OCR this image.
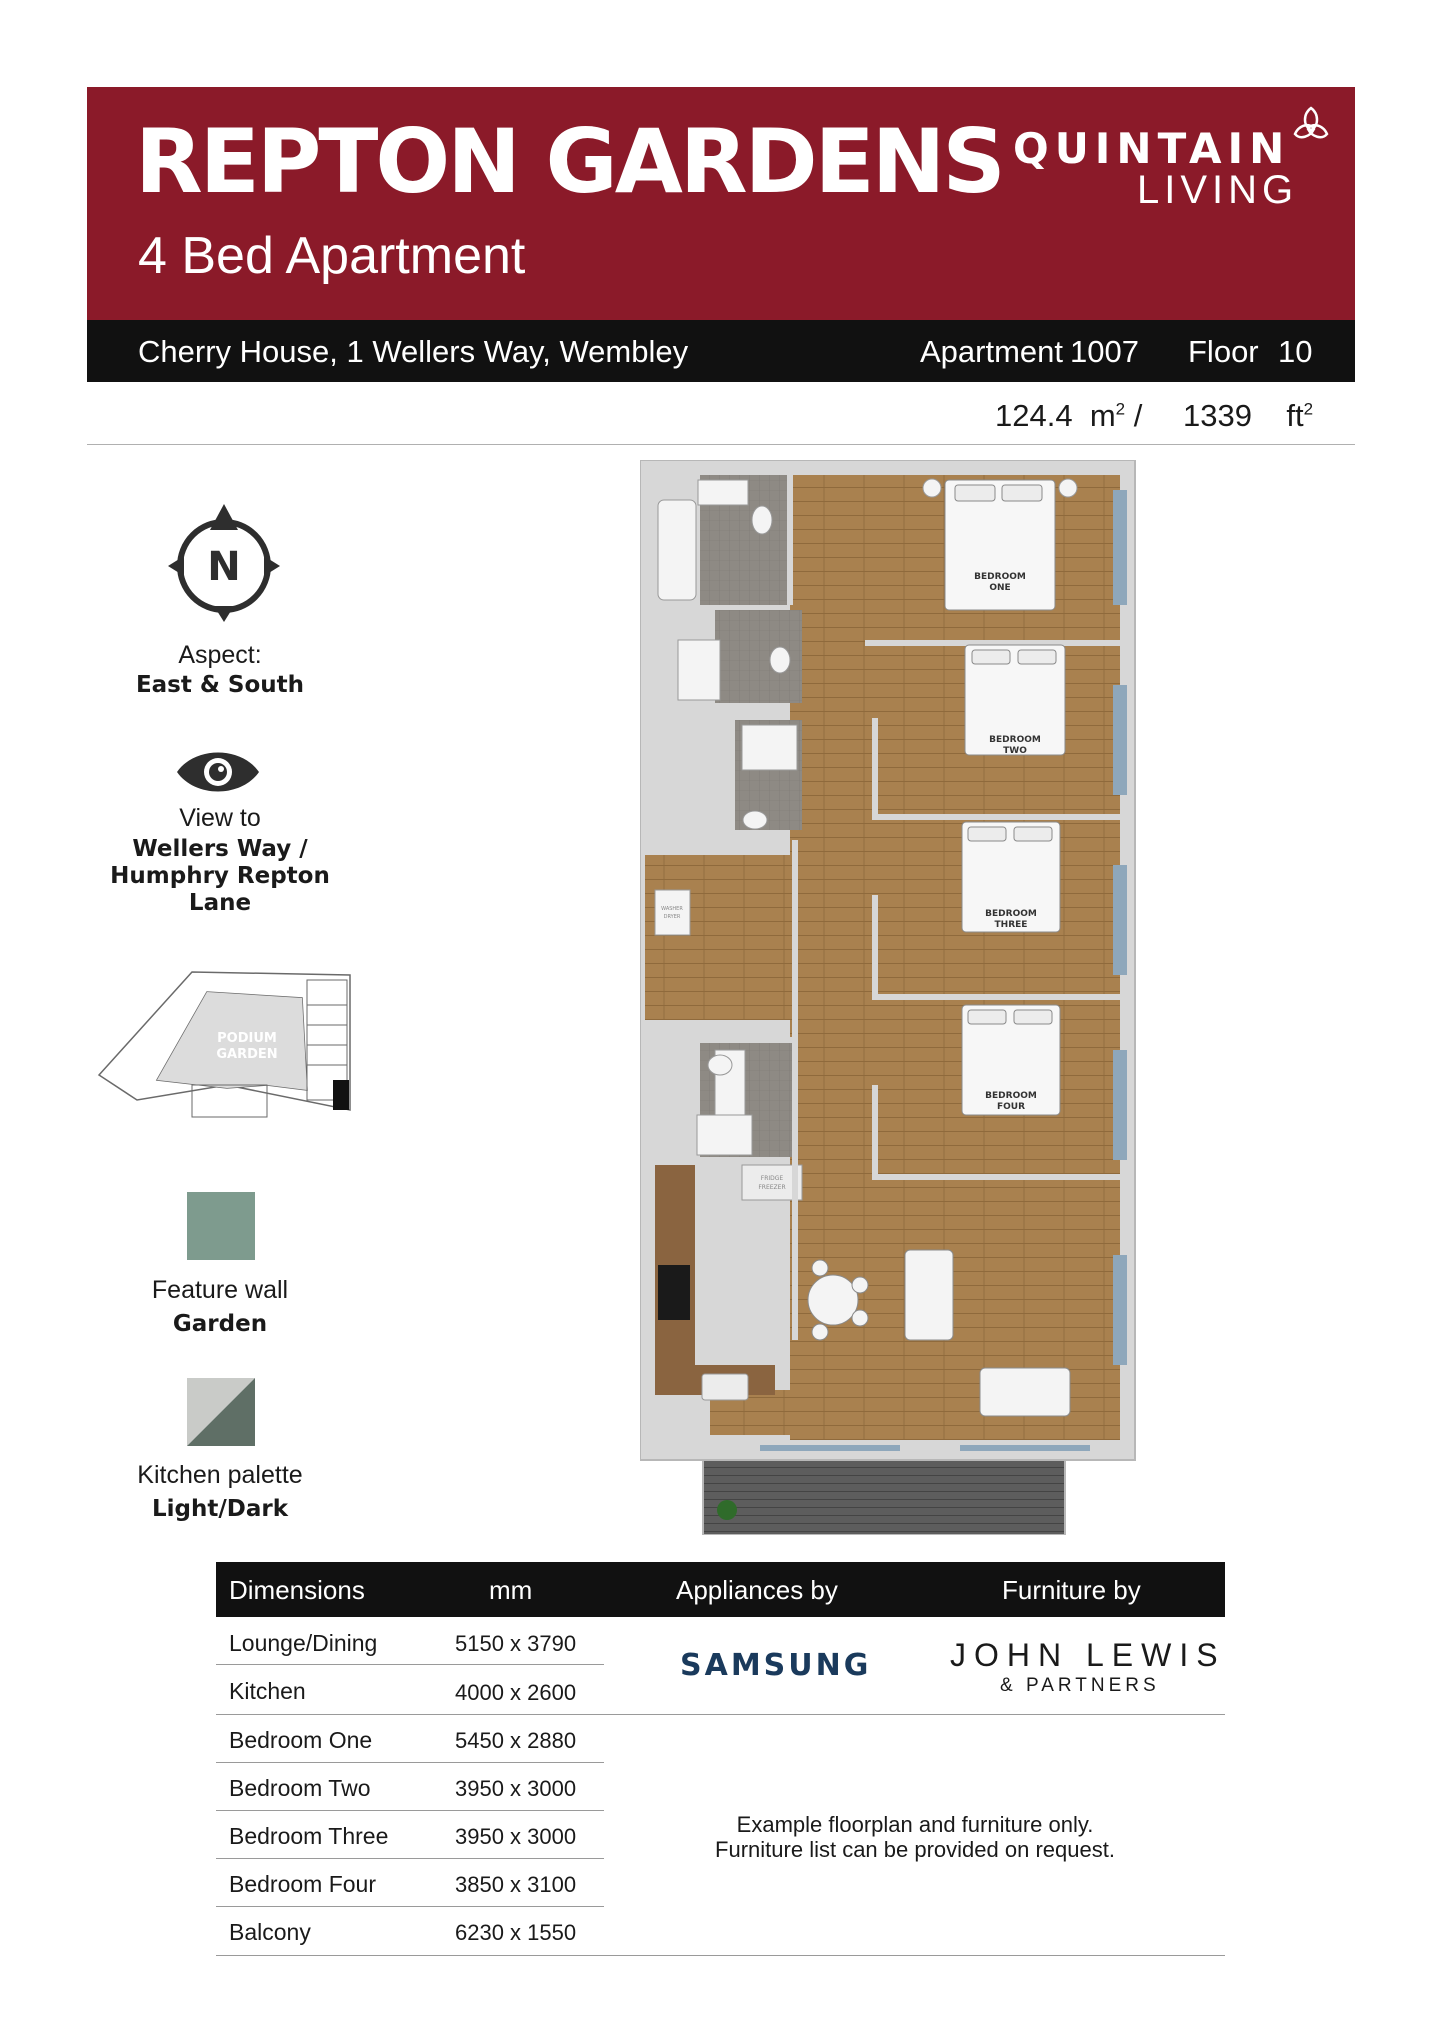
REPTON GARDENS
4 Bed Apartment
QUINTAIN
LIVING
Cherry House, 1 Wellers Way, Wembley	Apartment 1007 Floor 10
124.4 $m^2 / 1339$ $ft^2$
N
Aspect:
East & South
View to
Wellers Way /
Humphry Repton
Lane
PODIUM
GARDEN
Feature wall
Garden
Kitchen palette
Light/Dark
FRIDGE
FREEZER
WASHER
DRYER
BEDROOM
ONE
BEDROOM
TWO
BEDROOM
THREE
BEDROOM
FOUR
Dimensions	mm	Appliances by	Furniture by
Lounge/Dining	5150 x 3790
Kitchen	4000 x 2600
Bedroom One	5450 x 2880
Bedroom Two	3950 x 3000
Bedroom Three	3950 x 3000
Bedroom Four	3850 x 3100
Balcony	6230 x 1550
SAMSUNG JOHN LEWIS
& PARTNERS
Example floorplan and furniture only.
Furniture list can be provided on request.
